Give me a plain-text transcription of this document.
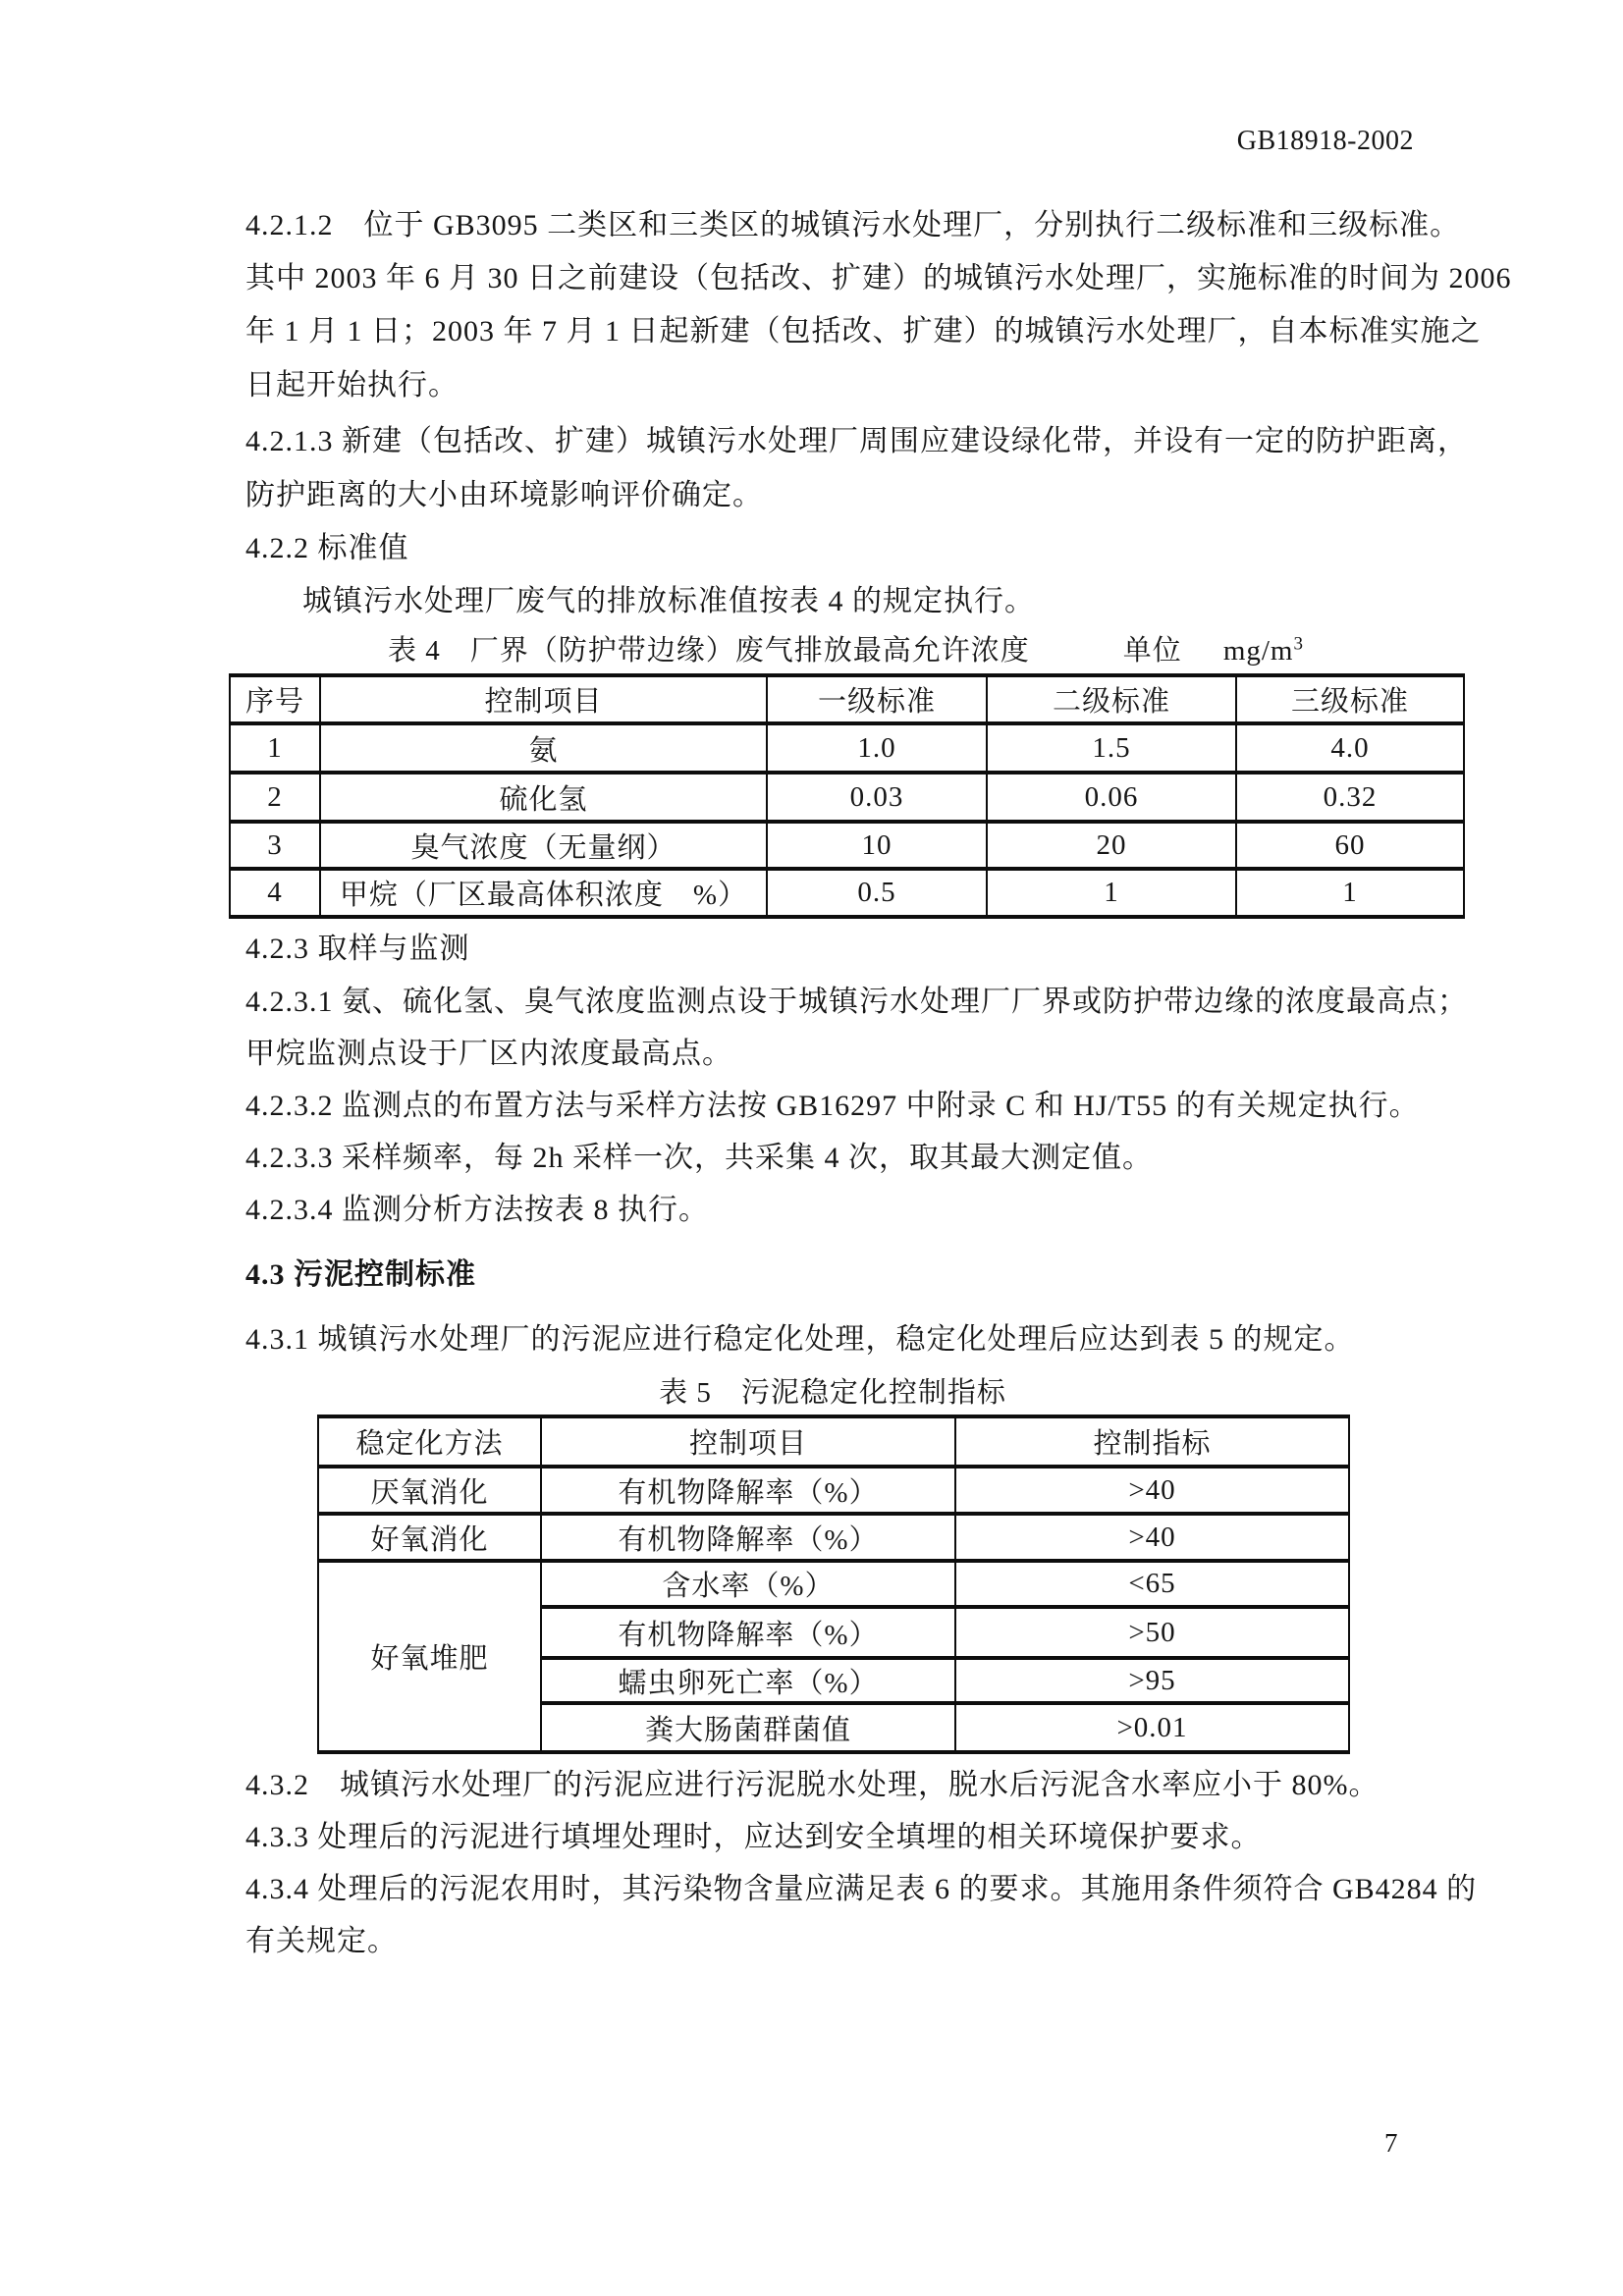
GB18918-2002
4.2.1.2　位于 GB3095 二类区和三类区的城镇污水处理厂，分别执行二级标准和三级标准。
其中 2003 年 6 月 30 日之前建设（包括改、扩建）的城镇污水处理厂，实施标准的时间为 2006
年 1 月 1 日；2003 年 7 月 1 日起新建（包括改、扩建）的城镇污水处理厂，自本标准实施之
日起开始执行。
4.2.1.3 新建（包括改、扩建）城镇污水处理厂周围应建设绿化带，并设有一定的防护距离，
防护距离的大小由环境影响评价确定。
4.2.2 标准值
城镇污水处理厂废气的排放标准值按表 4 的规定执行。
表 4 厂界（防护带边缘）废气排放最高允许浓度	单位 $mg/m^3$
序号	控制项目	一级标准	二级标准	三级标准
1	氨	1.0	1.5	4.0
2	硫化氢	0.03	0.06	0.32
3	臭气浓度（无量纲）	10	20	60
4	甲烷（厂区最高体积浓度　%）	0.5	1	1
4.2.3 取样与监测
4.2.3.1 氨、硫化氢、臭气浓度监测点设于城镇污水处理厂厂界或防护带边缘的浓度最高点；
甲烷监测点设于厂区内浓度最高点。
4.2.3.2 监测点的布置方法与采样方法按 GB16297 中附录 C 和 HJ/T55 的有关规定执行。
4.2.3.3 采样频率，每 2h 采样一次，共采集 4 次，取其最大测定值。
4.2.3.4 监测分析方法按表 8 执行。
4.3 污泥控制标准
4.3.1 城镇污水处理厂的污泥应进行稳定化处理，稳定化处理后应达到表 5 的规定。
表 5　污泥稳定化控制指标
稳定化方法	控制项目	控制指标
厌氧消化	有机物降解率（%）	>40
好氧消化	有机物降解率（%）	>40
好氧堆肥	含水率（%）	<65
	有机物降解率（%）	>50
	蠕虫卵死亡率（%）	>95
	粪大肠菌群菌值	>0.01
4.3.2　城镇污水处理厂的污泥应进行污泥脱水处理，脱水后污泥含水率应小于 80%。
4.3.3 处理后的污泥进行填埋处理时，应达到安全填埋的相关环境保护要求。
4.3.4 处理后的污泥农用时，其污染物含量应满足表 6 的要求。其施用条件须符合 GB4284 的
有关规定。
7
